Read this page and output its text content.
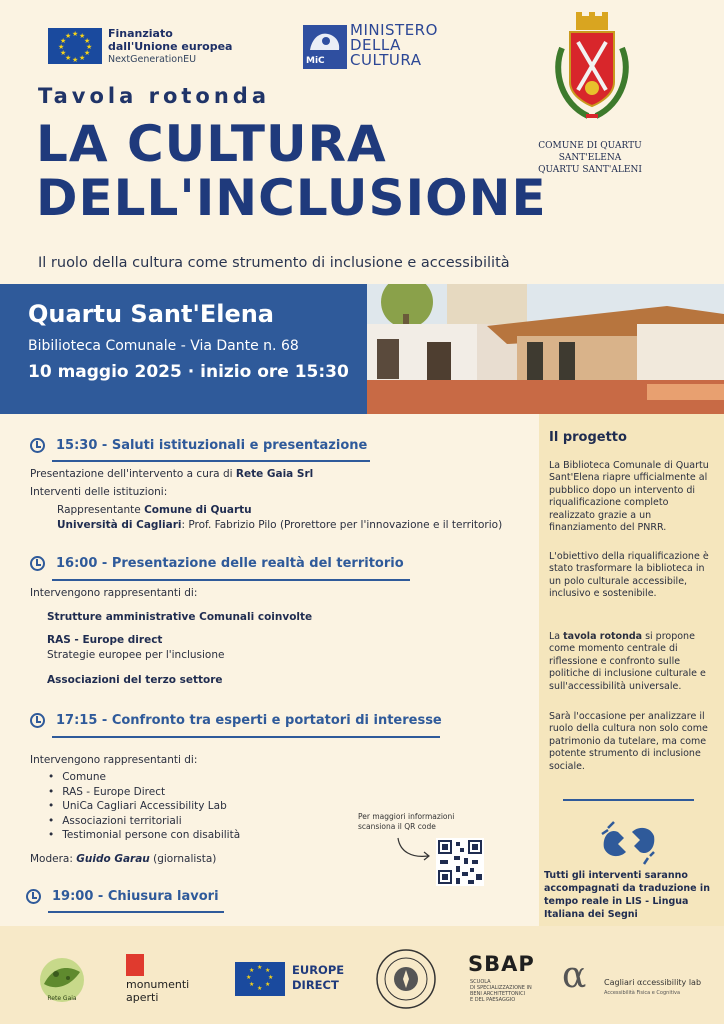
★ ★
★
★
★
★
★
★
★
★
★
★	Finanziato
dall'Unione europea
NextGenerationEU	MiC
MINISTERO
DELLA
CULTURA
COMUNE DI QUARTU SANT'ELENA
QUARTU SANT'ALENI
Tavola rotonda
LA CULTURA
DELL'INCLUSIONE
Il ruolo della cultura come strumento di inclusione e accessibilità
Quartu Sant'Elena
Bibilioteca Comunale - Via Dante n. 68
10 maggio 2025 · inizio ore 15:30
15:30 - Saluti istituzionali e presentazione
Presentazione dell'intervento a cura di Rete Gaia Srl
Interventi delle istituzioni:
Rappresentante Comune di Quartu
Università di Cagliari: Prof. Fabrizio Pilo (Prorettore per l'innovazione e il territorio)
16:00 - Presentazione delle realtà del territorio
Intervengono rappresentanti di:
Strutture amministrative Comunali coinvolte
RAS - Europe direct
Strategie europee per l'inclusione
Associazioni del terzo settore
17:15 - Confronto tra esperti e portatori di interesse
Intervengono rappresentanti di:
• Comune
• RAS - Europe Direct
• UniCa Cagliari Accessibility Lab
• Associazioni territoriali
• Testimonial persone con disabilità
Modera: Guido Garau (giornalista)
19:00 - Chiusura lavori
Per maggiori informazioni
scansiona il QR code
Il progetto
La Biblioteca Comunale di Quartu Sant'Elena riapre ufficialmente al pubblico dopo un intervento di riqualificazione completo realizzato grazie a un finanziamento del PNRR.
L'obiettivo della riqualificazione è stato trasformare la biblioteca in un polo culturale accessibile, inclusivo e sostenibile.
La tavola rotonda si propone come momento centrale di riflessione e confronto sulle politiche di inclusione culturale e sull'accessibilità universale.
Sarà l'occasione per analizzare il ruolo della cultura non solo come patrimonio da tutelare, ma come potente strumento di inclusione sociale.
Tutti gli interventi saranno accompagnati da traduzione in tempo reale in LIS - Lingua Italiana dei Segni
Rete Gaia
monumenti
aperti
★ ★
★
★
★
★
★
★	EUROPE
DIRECT
SBAP
SCUOLA
DI SPECIALIZZAZIONE IN
BENI ARCHITETTONICI
E DEL PAESAGGIO
α Cagliari αccessibility lab
Accessibilità Fisica e Cognitiva
